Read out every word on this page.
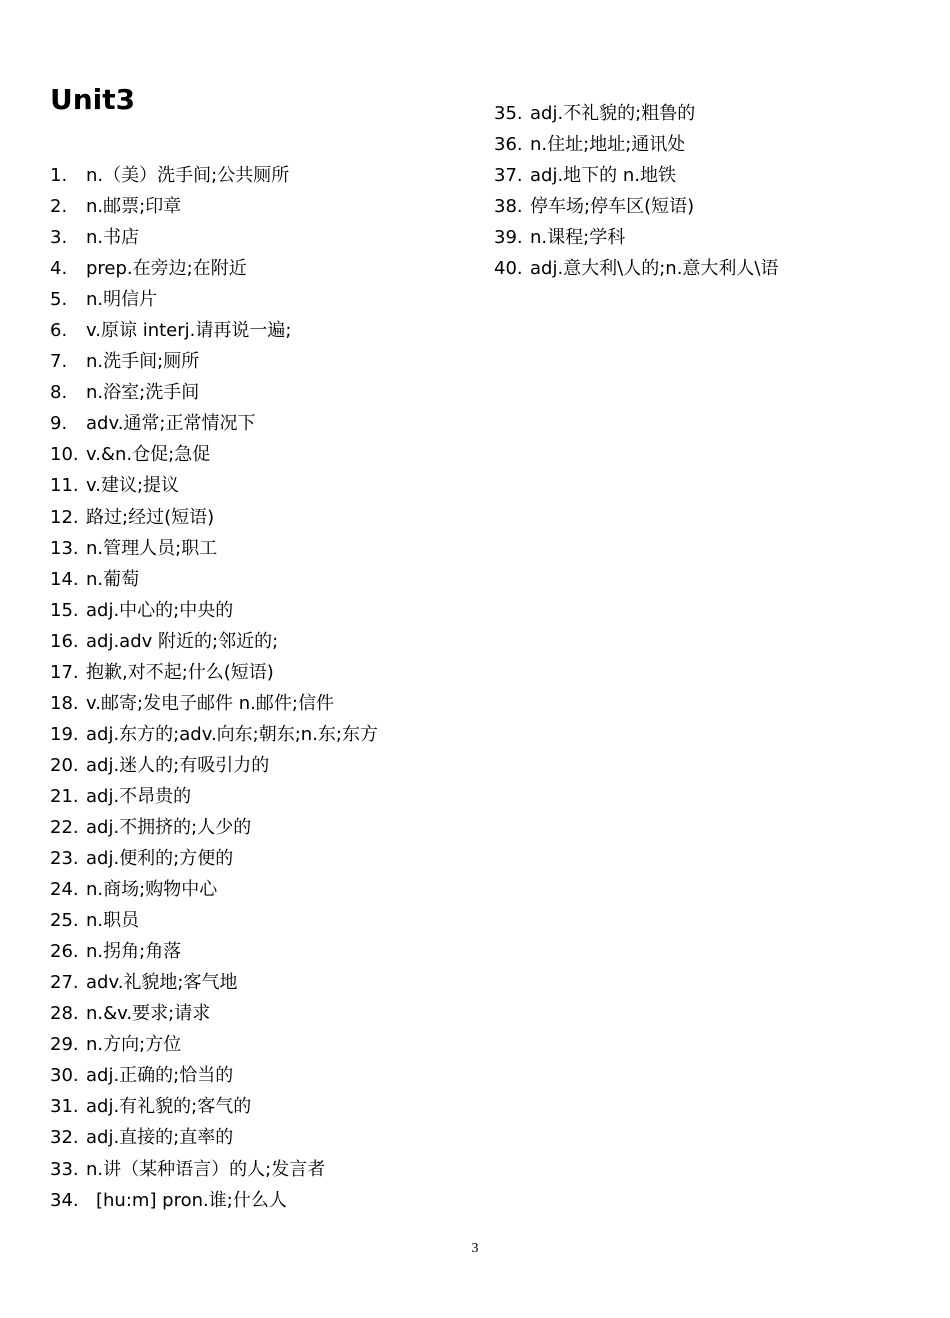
Unit3
1.	n.（美）洗手间;公共厕所
2.	n.邮票;印章
3.	n.书店
4.	prep.在旁边;在附近
5.	n.明信片
6.	v.原谅 interj.请再说一遍;
7.	n.洗手间;厕所
8.	n.浴室;洗手间
9.	adv.通常;正常情况下
10. v.&n.仓促;急促
11. v.建议;提议
12. 路过;经过(短语)
13. n.管理人员;职工
14. n.葡萄
15. adj.中心的;中央的
16. adj.adv 附近的;邻近的;
17. 抱歉,对不起;什么(短语)
18. v.邮寄;发电子邮件 n.邮件;信件
19. adj.东方的;adv.向东;朝东;n.东;东方
20. adj.迷人的;有吸引力的
21. adj.不昂贵的
22. adj.不拥挤的;人少的
23. adj.便利的;方便的
24. n.商场;购物中心
25. n.职员
26. n.拐角;角落
27. adv.礼貌地;客气地
28. n.&v.要求;请求
29. n.方向;方位
30. adj.正确的;恰当的
31. adj.有礼貌的;客气的
32. adj.直接的;直率的
33. n.讲（某种语言）的人;发言者
34. [hu:m] pron.谁;什么人
35. adj.不礼貌的;粗鲁的
36. n.住址;地址;通讯处
37. adj.地下的 n.地铁
38. 停车场;停车区(短语)
39. n.课程;学科
40. adj.意大利\人的;n.意大利人\语
3
